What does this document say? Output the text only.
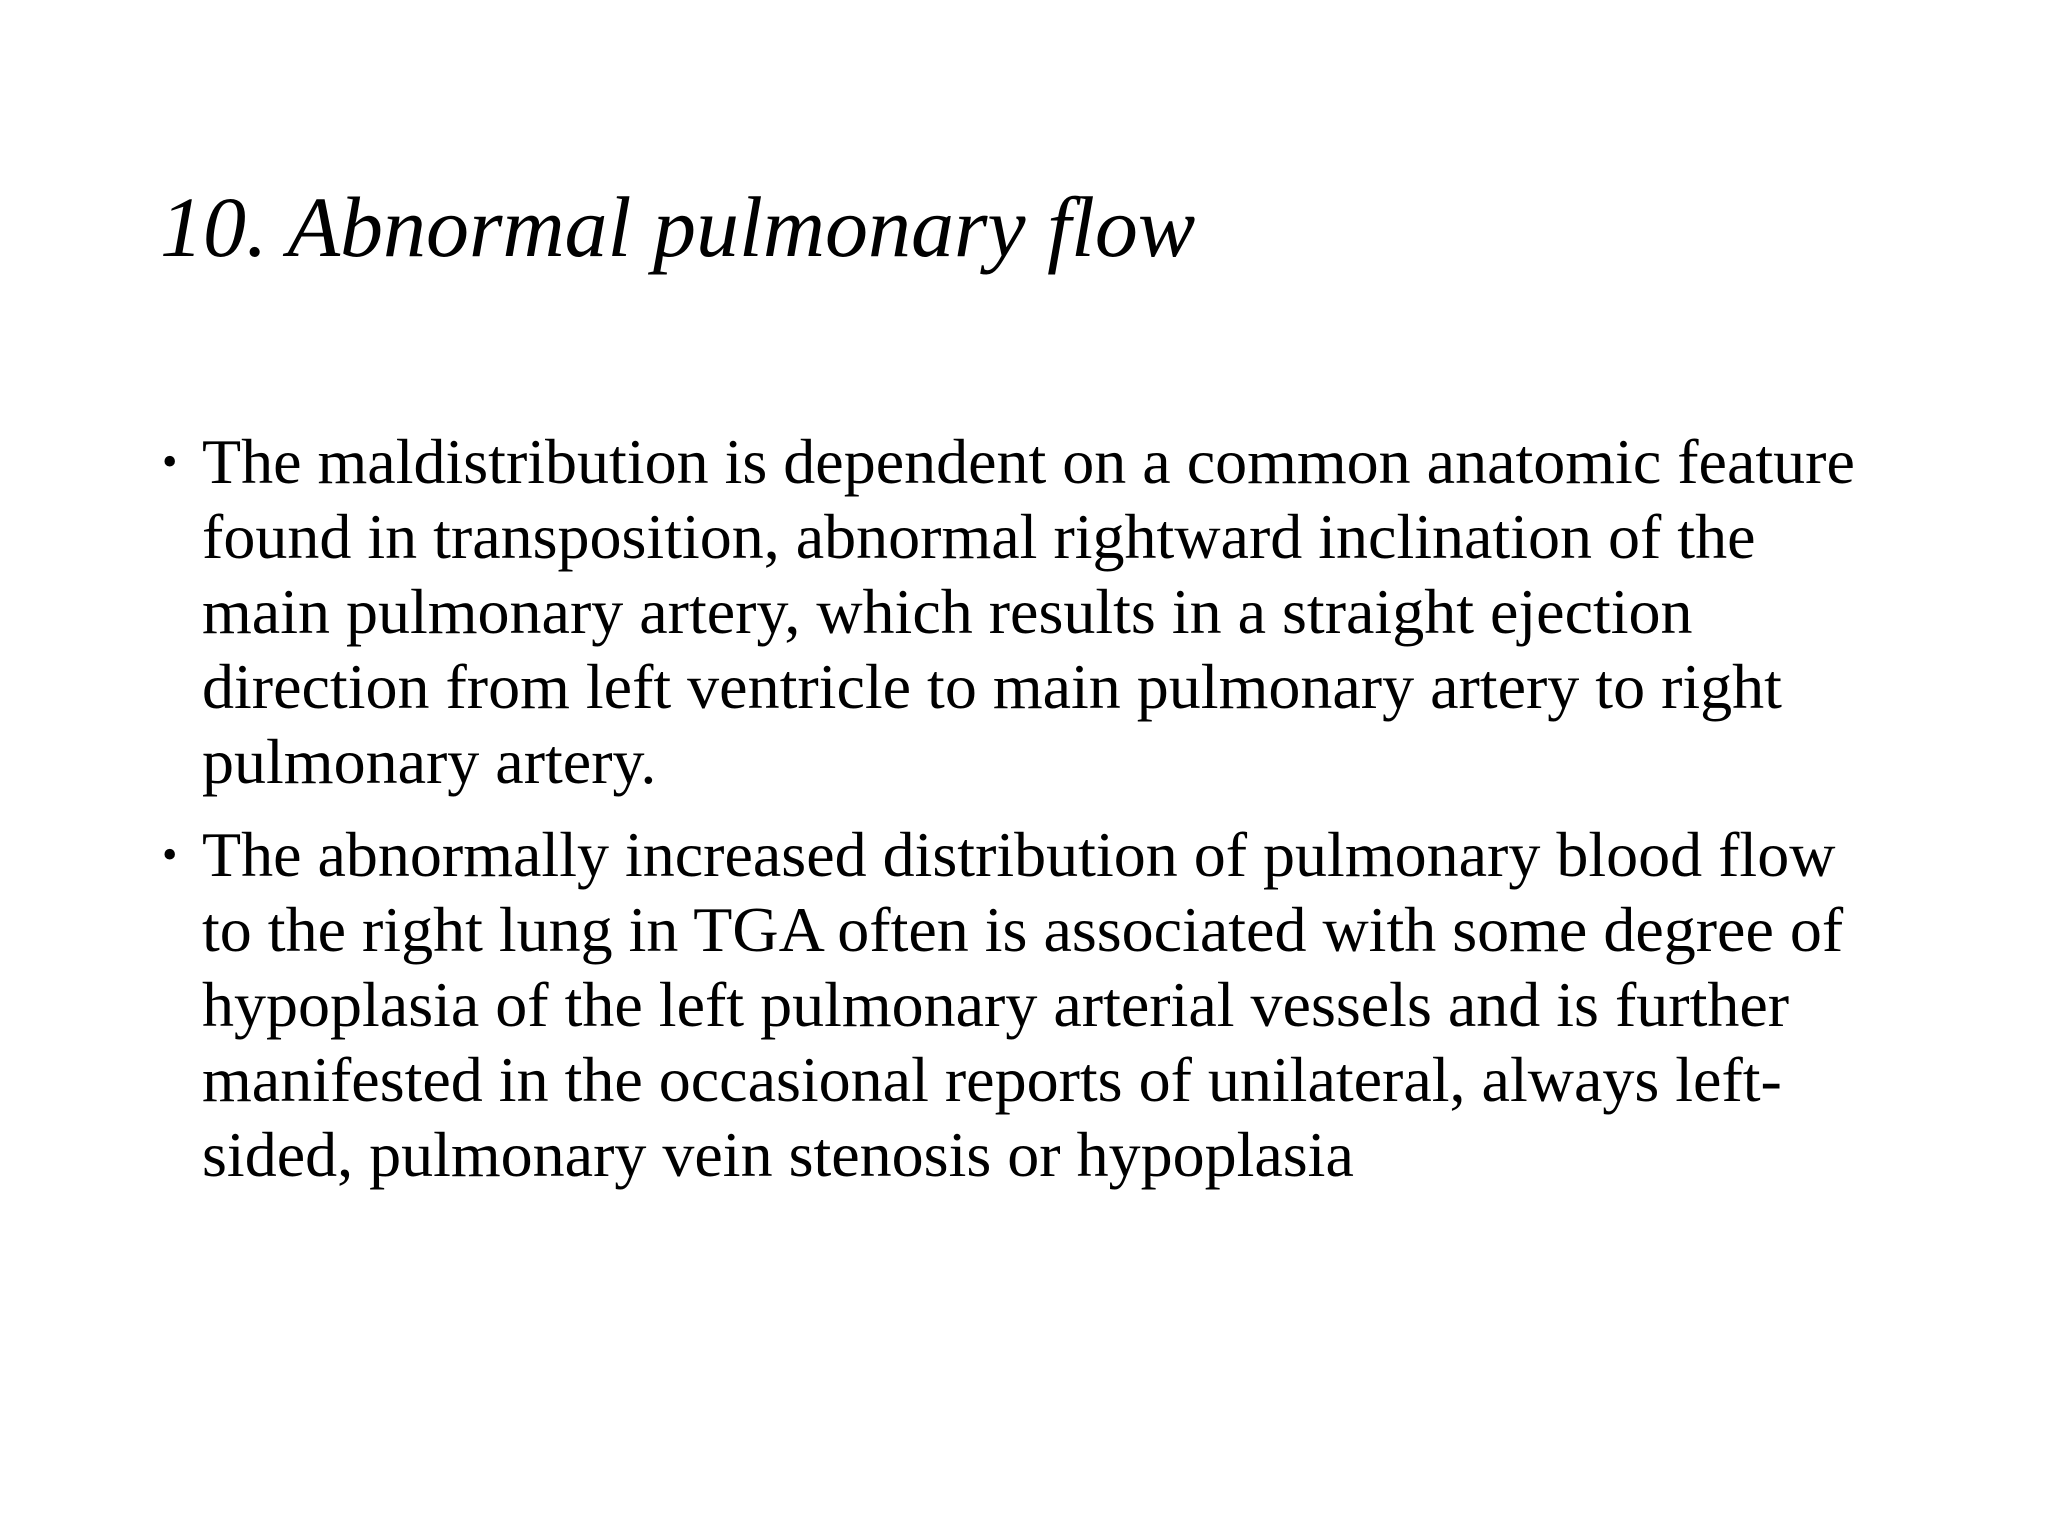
10. Abnormal pulmonary flow
• The maldistribution is dependent on a common anatomic feature found in transposition, abnormal rightward inclination of the main pulmonary artery, which results in a straight ejection direction from left ventricle to main pulmonary artery to right pulmonary artery.
• The abnormally increased distribution of pulmonary blood flow to the right lung in TGA often is associated with some degree of hypoplasia of the left pulmonary arterial vessels and is further manifested in the occasional reports of unilateral, always left-sided, pulmonary vein stenosis or hypoplasia
